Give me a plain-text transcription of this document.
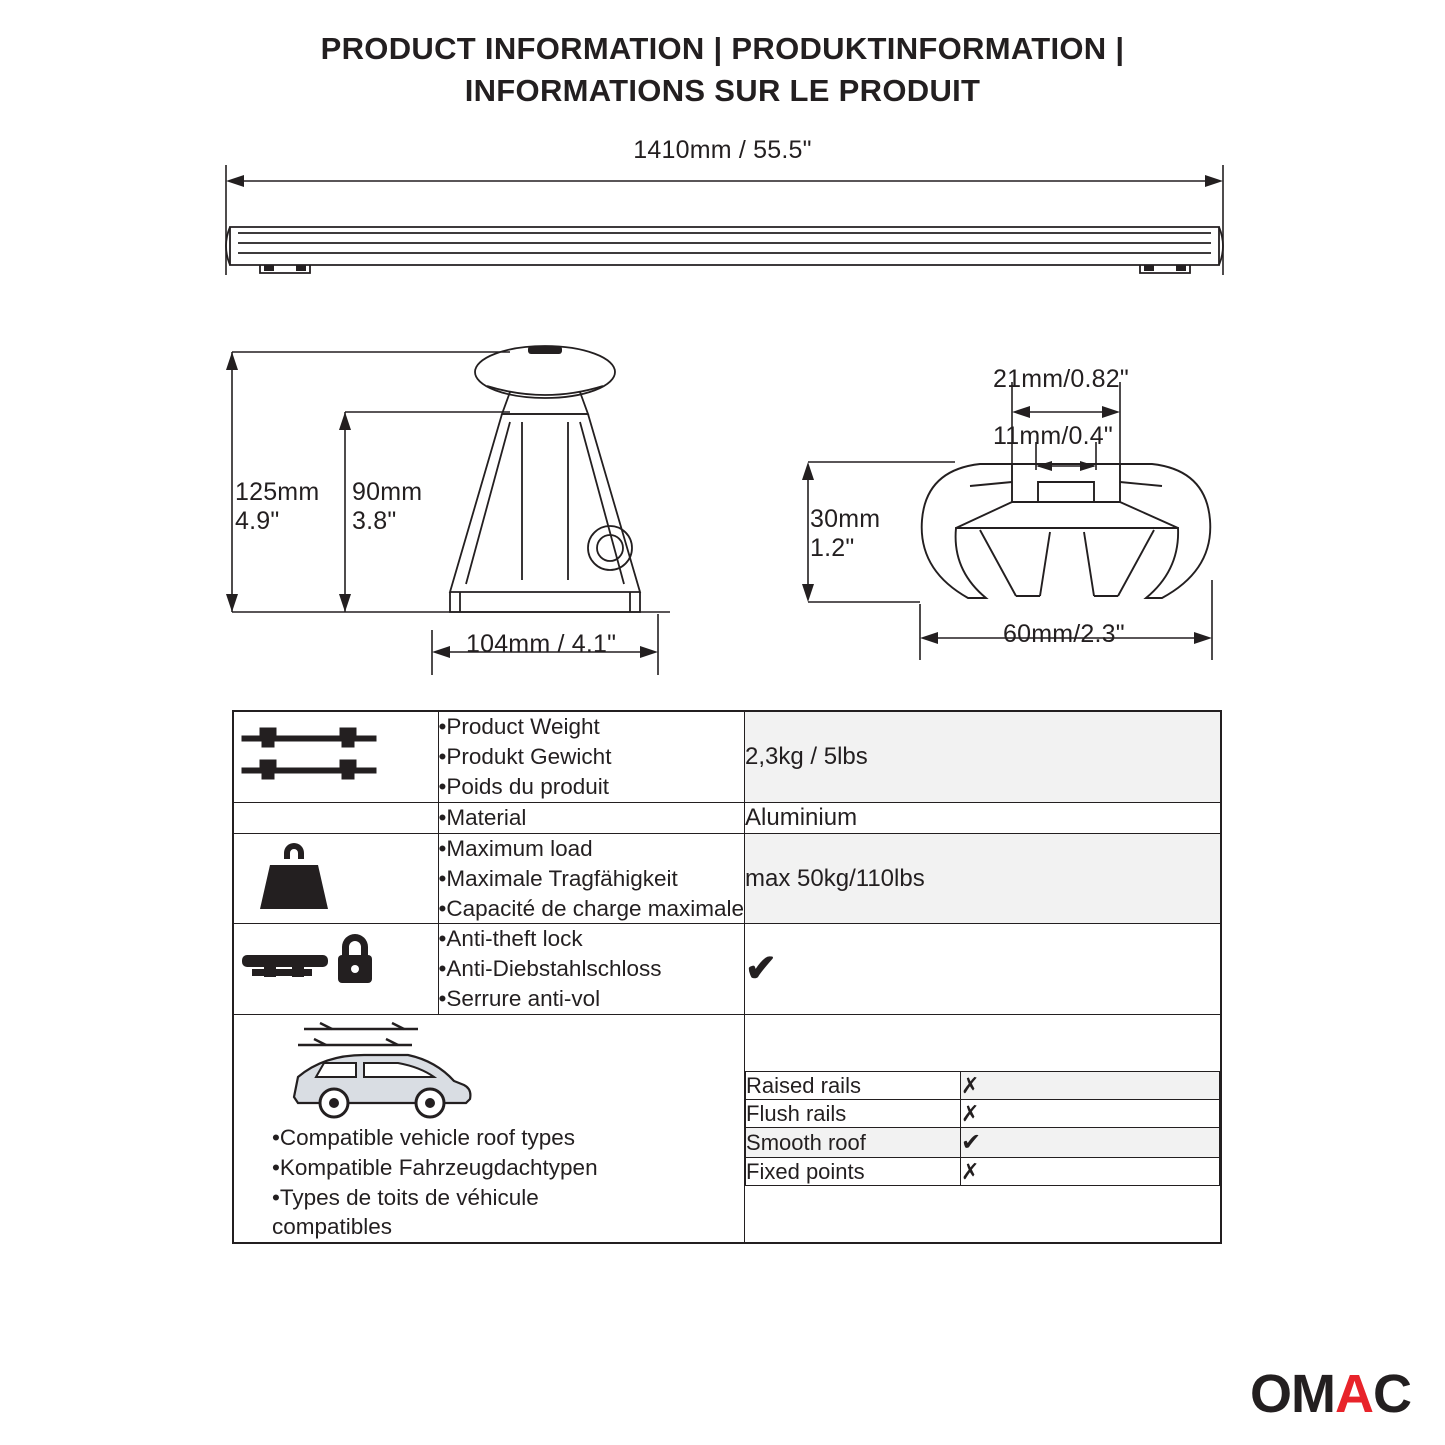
PRODUCT INFORMATION | PRODUKTINFORMATION |
INFORMATIONS SUR LE PRODUIT
1410mm / 55.5"
125mm
4.9"
90mm
3.8"
104mm / 4.1"
21mm/0.82"
11mm/0.4"
30mm
1.2"
60mm/2.3"

•Product Weight
•Produkt Gewicht
•Poids du produit
	2,3kg / 5lbs

•Material	Aluminium

•Maximum load
•Maximale Tragfähigkeit
•Capacité de charge maximale
	max 50kg/110lbs

•Anti-theft lock
•Anti-Diebstahlschloss
•Serrure anti-vol
	✔

•Compatible vehicle roof types
•Kompatible Fahrzeugdachtypen
•Types de toits de véhicule
compatibles

Raised rails	✗
Flush rails	✗
Smooth roof	✔
Fixed points	✗
OMAC
